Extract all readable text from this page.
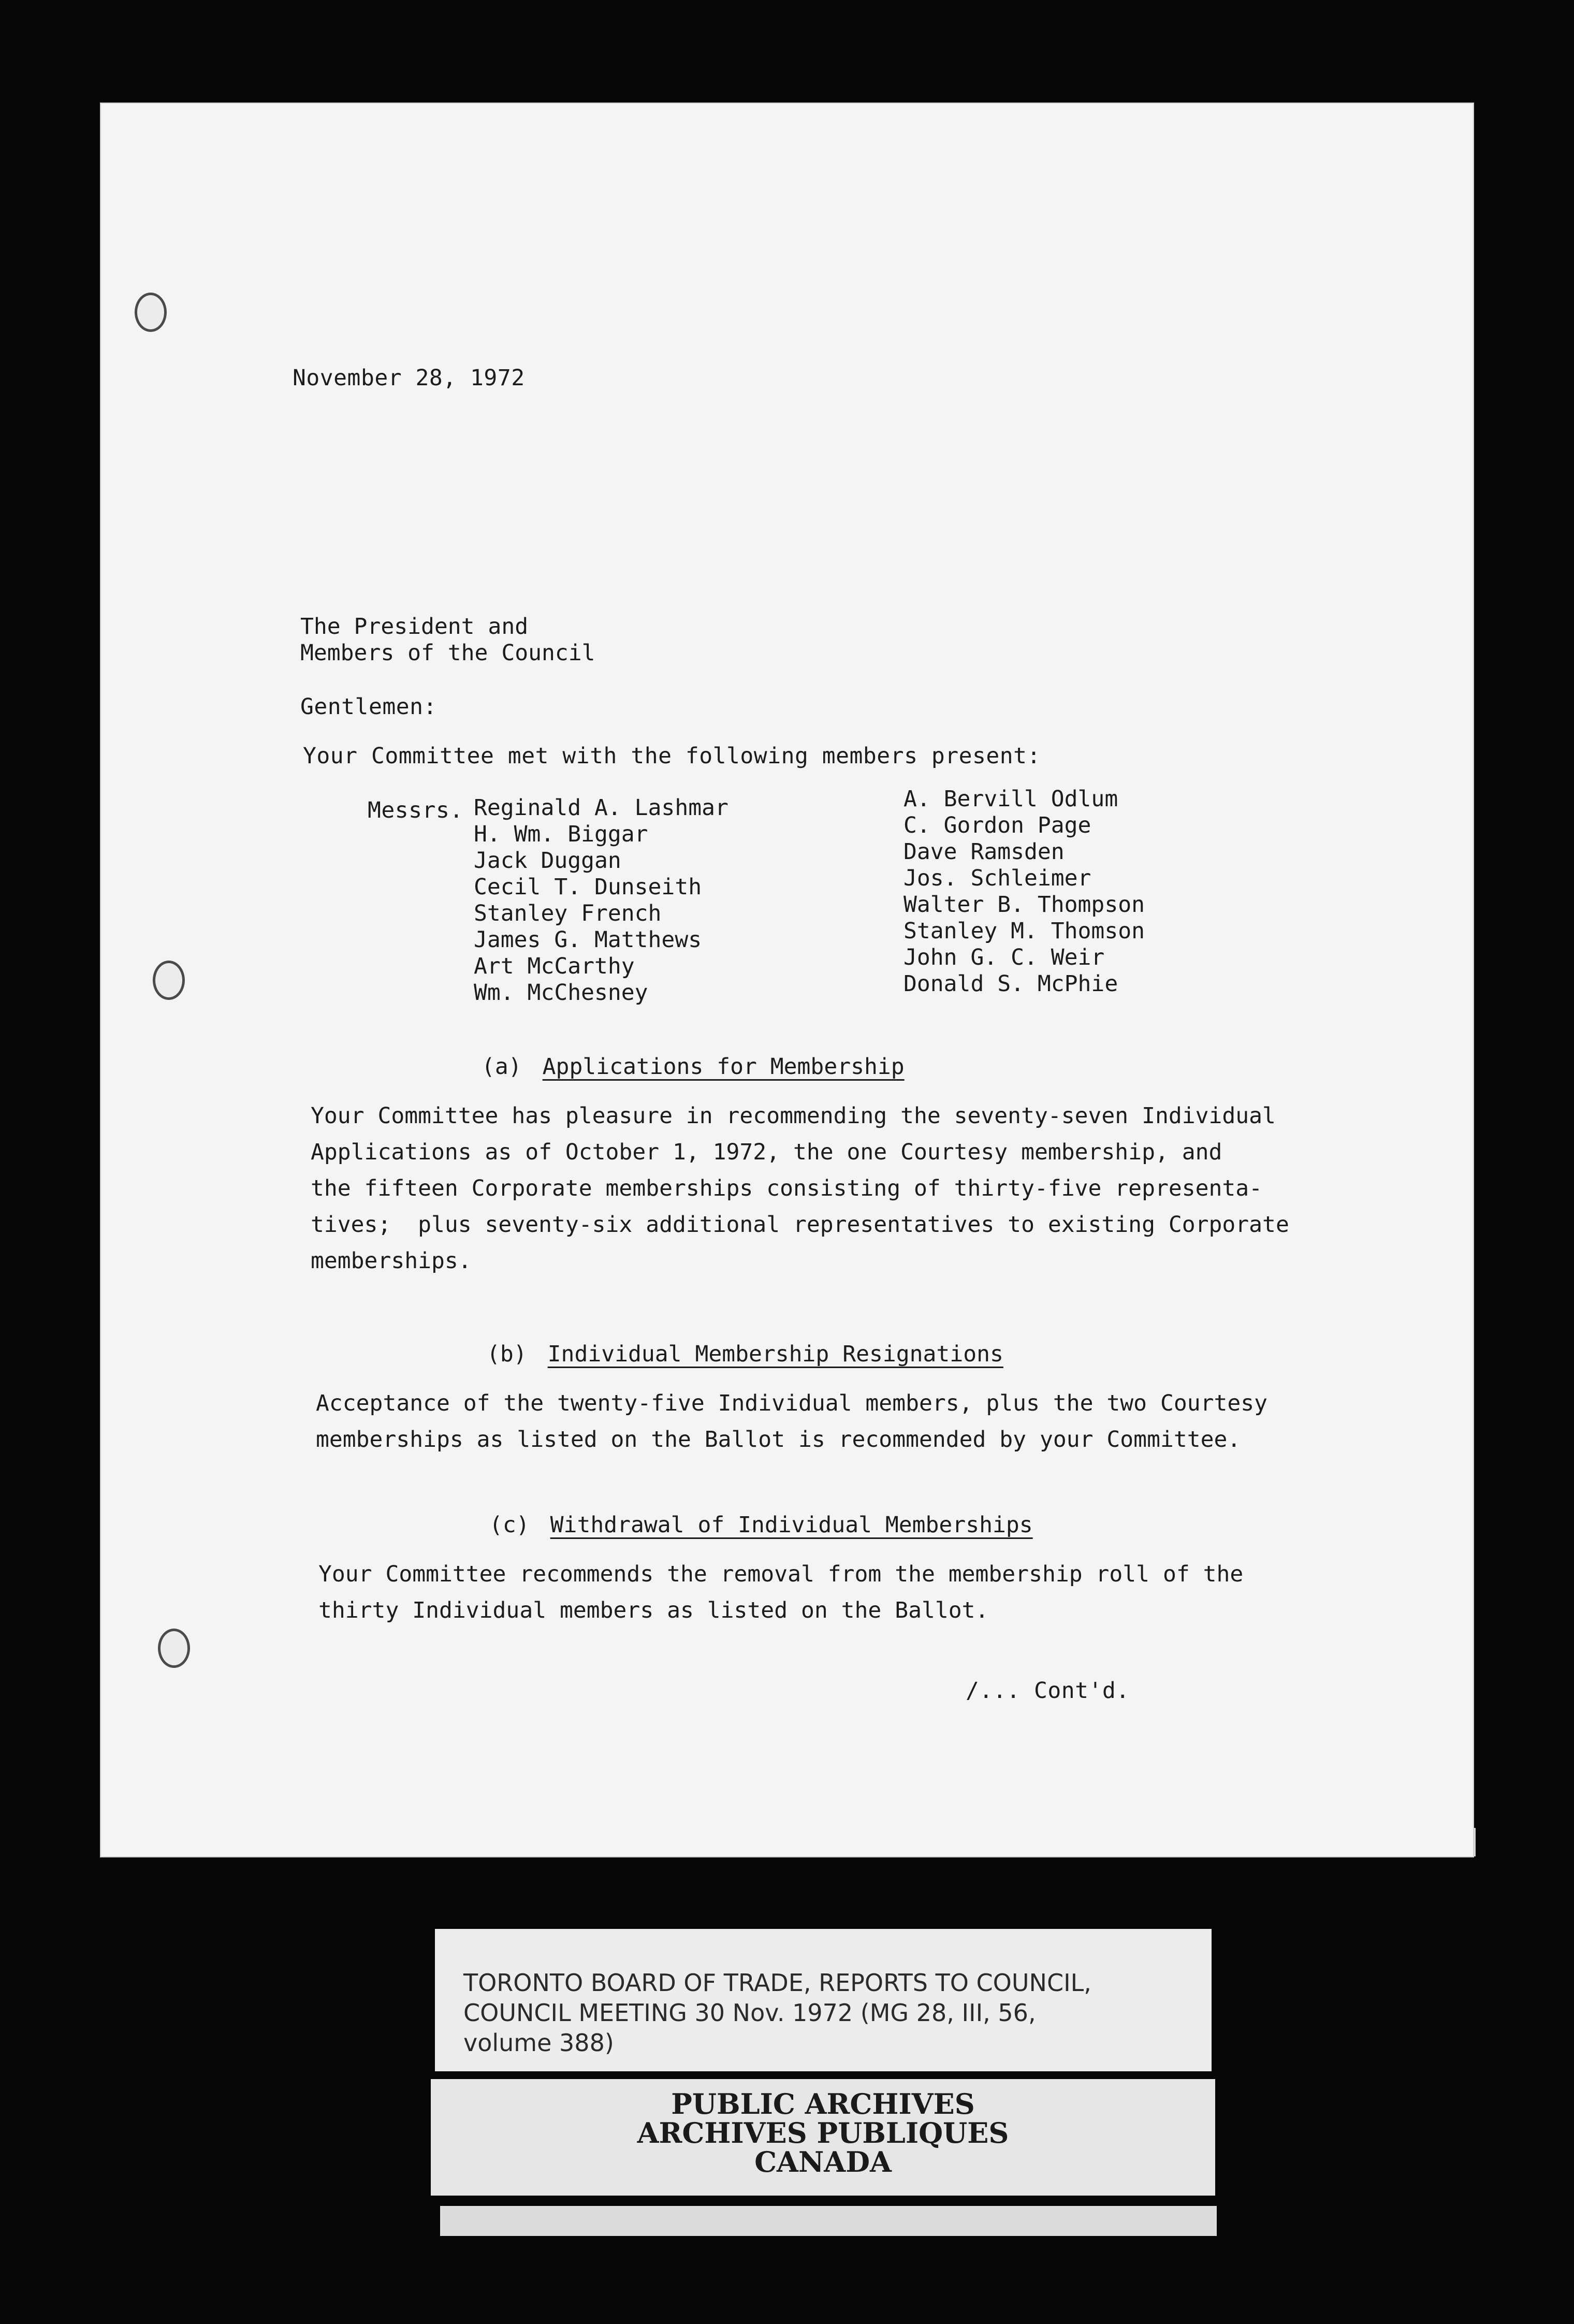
November 28, 1972
The President and
Members of the Council
Gentlemen:
Your Committee met with the following members present:
Messrs. Reginald A. Lashmar
H. Wm. Biggar
Jack Duggan
Cecil T. Dunseith
Stanley French
James G. Matthews
Art McCarthy
Wm. McChesney
A. Bervill Odlum
C. Gordon Page
Dave Ramsden
Jos. Schleimer
Walter B. Thompson
Stanley M. Thomson
John G. C. Weir
Donald S. McPhie
(a) Applications for Membership
Your Committee has pleasure in recommending the seventy-seven Individual
Applications as of October 1, 1972, the one Courtesy membership, and
the fifteen Corporate memberships consisting of thirty-five representa-
tives;  plus seventy-six additional representatives to existing Corporate
memberships.
(b) Individual Membership Resignations
Acceptance of the twenty-five Individual members, plus the two Courtesy
memberships as listed on the Ballot is recommended by your Committee.
(c) Withdrawal of Individual Memberships
Your Committee recommends the removal from the membership roll of the
thirty Individual members as listed on the Ballot.
/... Cont'd.
TORONTO BOARD OF TRADE, REPORTS TO COUNCIL,
COUNCIL MEETING 30 Nov. 1972 (MG 28, III, 56,
volume 388)
PUBLIC ARCHIVES
ARCHIVES PUBLIQUES
CANADA
